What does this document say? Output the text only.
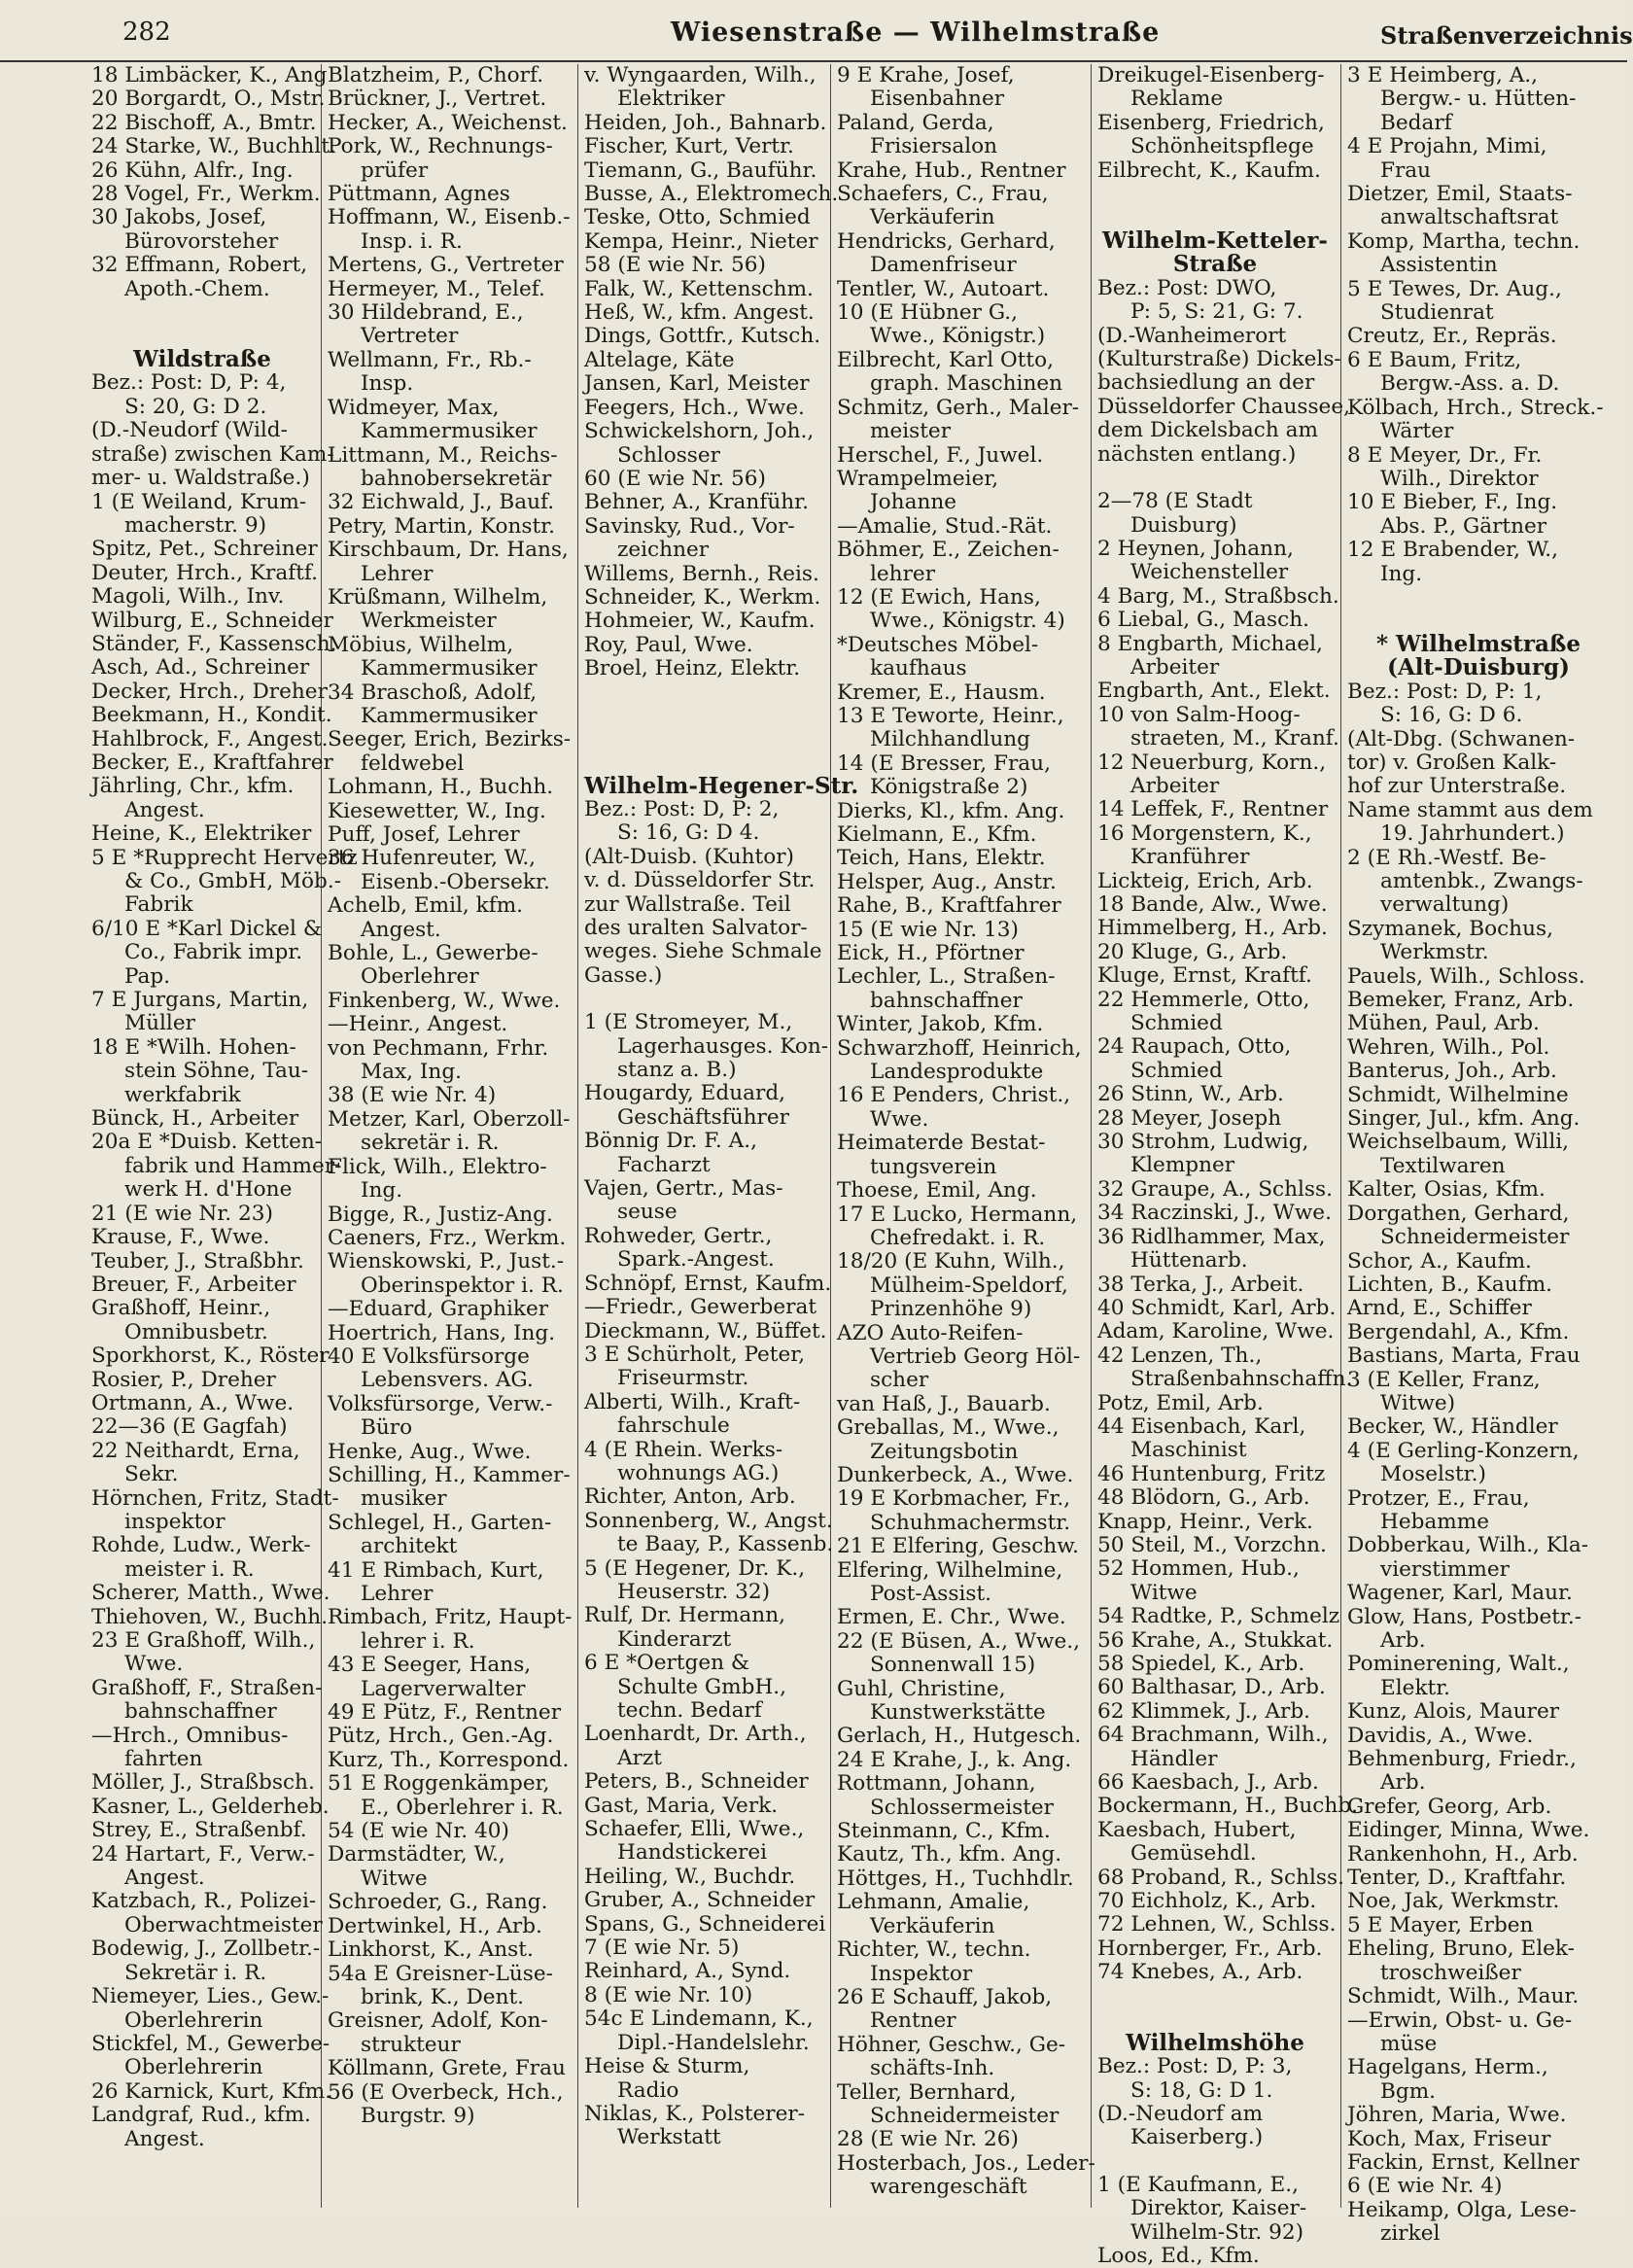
282	Wiesenstraße — Wilhelmstraße	Straßenverzeichnis
18 Limbäcker, K., Ang
20 Borgardt, O., Mstr.
22 Bischoff, A., Bmtr.
24 Starke, W., Buchhlt.
26 Kühn, Alfr., Ing.
28 Vogel, Fr., Werkm.
30 Jakobs, Josef,
Bürovorsteher
32 Effmann, Robert,
Apoth.-Chem.
Wildstraße
Bez.: Post: D, P: 4,
S: 20, G: D 2.
(D.-Neudorf (Wild-
straße) zwischen Kam-
mer- u. Waldstraße.)
1 (E Weiland, Krum-
macherstr. 9)
Spitz, Pet., Schreiner
Deuter, Hrch., Kraftf.
Magoli, Wilh., Inv.
Wilburg, E., Schneider
Ständer, F., Kassensch.
Asch, Ad., Schreiner
Decker, Hrch., Dreher
Beekmann, H., Kondit.
Hahlbrock, F., Angest.
Becker, E., Kraftfahrer
Jährling, Chr., kfm.
Angest.
Heine, K., Elektriker
5 E *Rupprecht Hervertz
& Co., GmbH, Möb.-
Fabrik
6/10 E *Karl Dickel &
Co., Fabrik impr.
Pap.
7 E Jurgans, Martin,
Müller
18 E *Wilh. Hohen-
stein Söhne, Tau-
werkfabrik
Bünck, H., Arbeiter
20a E *Duisb. Ketten-
fabrik und Hammer-
werk H. d'Hone
21 (E wie Nr. 23)
Krause, F., Wwe.
Teuber, J., Straßbhr.
Breuer, F., Arbeiter
Graßhoff, Heinr.,
Omnibusbetr.
Sporkhorst, K., Röster
Rosier, P., Dreher
Ortmann, A., Wwe.
22—36 (E Gagfah)
22 Neithardt, Erna,
Sekr.
Hörnchen, Fritz, Stadt-
inspektor
Rohde, Ludw., Werk-
meister i. R.
Scherer, Matth., Wwe.
Thiehoven, W., Buchh.
23 E Graßhoff, Wilh.,
Wwe.
Graßhoff, F., Straßen-
bahnschaffner
—Hrch., Omnibus-
fahrten
Möller, J., Straßbsch.
Kasner, L., Gelderheb.
Strey, E., Straßenbf.
24 Hartart, F., Verw.-
Angest.
Katzbach, R., Polizei-
Oberwachtmeister
Bodewig, J., Zollbetr.-
Sekretär i. R.
Niemeyer, Lies., Gew.-
Oberlehrerin
Stickfel, M., Gewerbe-
Oberlehrerin
26 Karnick, Kurt, Kfm.
Landgraf, Rud., kfm.
Angest.
Blatzheim, P., Chorf.
Brückner, J., Vertret.
Hecker, A., Weichenst.
Pork, W., Rechnungs-
prüfer
Püttmann, Agnes
Hoffmann, W., Eisenb.-
Insp. i. R.
Mertens, G., Vertreter
Hermeyer, M., Telef.
30 Hildebrand, E.,
Vertreter
Wellmann, Fr., Rb.-
Insp.
Widmeyer, Max,
Kammermusiker
Littmann, M., Reichs-
bahnobersekretär
32 Eichwald, J., Bauf.
Petry, Martin, Konstr.
Kirschbaum, Dr. Hans,
Lehrer
Krüßmann, Wilhelm,
Werkmeister
Möbius, Wilhelm,
Kammermusiker
34 Braschoß, Adolf,
Kammermusiker
Seeger, Erich, Bezirks-
feldwebel
Lohmann, H., Buchh.
Kiesewetter, W., Ing.
Puff, Josef, Lehrer
36 Hufenreuter, W.,
Eisenb.-Obersekr.
Achelb, Emil, kfm.
Angest.
Bohle, L., Gewerbe-
Oberlehrer
Finkenberg, W., Wwe.
—Heinr., Angest.
von Pechmann, Frhr.
Max, Ing.
38 (E wie Nr. 4)
Metzer, Karl, Oberzoll-
sekretär i. R.
Flick, Wilh., Elektro-
Ing.
Bigge, R., Justiz-Ang.
Caeners, Frz., Werkm.
Wienskowski, P., Just.-
Oberinspektor i. R.
—Eduard, Graphiker
Hoertrich, Hans, Ing.
40 E Volksfürsorge
Lebensvers. AG.
Volksfürsorge, Verw.-
Büro
Henke, Aug., Wwe.
Schilling, H., Kammer-
musiker
Schlegel, H., Garten-
architekt
41 E Rimbach, Kurt,
Lehrer
Rimbach, Fritz, Haupt-
lehrer i. R.
43 E Seeger, Hans,
Lagerverwalter
49 E Pütz, F., Rentner
Pütz, Hrch., Gen.-Ag.
Kurz, Th., Korrespond.
51 E Roggenkämper,
E., Oberlehrer i. R.
54 (E wie Nr. 40)
Darmstädter, W.,
Witwe
Schroeder, G., Rang.
Dertwinkel, H., Arb.
Linkhorst, K., Anst.
54a E Greisner-Lüse-
brink, K., Dent.
Greisner, Adolf, Kon-
strukteur
Köllmann, Grete, Frau
56 (E Overbeck, Hch.,
Burgstr. 9)
v. Wyngaarden, Wilh.,
Elektriker
Heiden, Joh., Bahnarb.
Fischer, Kurt, Vertr.
Tiemann, G., Bauführ.
Busse, A., Elektromech.
Teske, Otto, Schmied
Kempa, Heinr., Nieter
58 (E wie Nr. 56)
Falk, W., Kettenschm.
Heß, W., kfm. Angest.
Dings, Gottfr., Kutsch.
Altelage, Käte
Jansen, Karl, Meister
Feegers, Hch., Wwe.
Schwickelshorn, Joh.,
Schlosser
60 (E wie Nr. 56)
Behner, A., Kranführ.
Savinsky, Rud., Vor-
zeichner
Willems, Bernh., Reis.
Schneider, K., Werkm.
Hohmeier, W., Kaufm.
Roy, Paul, Wwe.
Broel, Heinz, Elektr.
Wilhelm-Hegener-Str.
Bez.: Post: D, P: 2,
S: 16, G: D 4.
(Alt-Duisb. (Kuhtor)
v. d. Düsseldorfer Str.
zur Wallstraße. Teil
des uralten Salvator-
weges. Siehe Schmale
Gasse.)
1 (E Stromeyer, M.,
Lagerhausges. Kon-
stanz a. B.)
Hougardy, Eduard,
Geschäftsführer
Bönnig Dr. F. A.,
Facharzt
Vajen, Gertr., Mas-
seuse
Rohweder, Gertr.,
Spark.-Angest.
Schnöpf, Ernst, Kaufm.
—Friedr., Gewerberat
Dieckmann, W., Büffet.
3 E Schürholt, Peter,
Friseurmstr.
Alberti, Wilh., Kraft-
fahrschule
4 (E Rhein. Werks-
wohnungs AG.)
Richter, Anton, Arb.
Sonnenberg, W., Angst.
te Baay, P., Kassenb.
5 (E Hegener, Dr. K.,
Heuserstr. 32)
Rulf, Dr. Hermann,
Kinderarzt
6 E *Oertgen &
Schulte GmbH.,
techn. Bedarf
Loenhardt, Dr. Arth.,
Arzt
Peters, B., Schneider
Gast, Maria, Verk.
Schaefer, Elli, Wwe.,
Handstickerei
Heiling, W., Buchdr.
Gruber, A., Schneider
Spans, G., Schneiderei
7 (E wie Nr. 5)
Reinhard, A., Synd.
8 (E wie Nr. 10)
54c E Lindemann, K.,
Dipl.-Handelslehr.
Heise & Sturm,
Radio
Niklas, K., Polsterer-
Werkstatt
9 E Krahe, Josef,
Eisenbahner
Paland, Gerda,
Frisiersalon
Krahe, Hub., Rentner
Schaefers, C., Frau,
Verkäuferin
Hendricks, Gerhard,
Damenfriseur
Tentler, W., Autoart.
10 (E Hübner G.,
Wwe., Königstr.)
Eilbrecht, Karl Otto,
graph. Maschinen
Schmitz, Gerh., Maler-
meister
Herschel, F., Juwel.
Wrampelmeier,
Johanne
—Amalie, Stud.-Rät.
Böhmer, E., Zeichen-
lehrer
12 (E Ewich, Hans,
Wwe., Königstr. 4)
*Deutsches Möbel-
kaufhaus
Kremer, E., Hausm.
13 E Teworte, Heinr.,
Milchhandlung
14 (E Bresser, Frau,
Königstraße 2)
Dierks, Kl., kfm. Ang.
Kielmann, E., Kfm.
Teich, Hans, Elektr.
Helsper, Aug., Anstr.
Rahe, B., Kraftfahrer
15 (E wie Nr. 13)
Eick, H., Pförtner
Lechler, L., Straßen-
bahnschaffner
Winter, Jakob, Kfm.
Schwarzhoff, Heinrich,
Landesprodukte
16 E Penders, Christ.,
Wwe.
Heimaterde Bestat-
tungsverein
Thoese, Emil, Ang.
17 E Lucko, Hermann,
Chefredakt. i. R.
18/20 (E Kuhn, Wilh.,
Mülheim-Speldorf,
Prinzenhöhe 9)
AZO Auto-Reifen-
Vertrieb Georg Höl-
scher
van Haß, J., Bauarb.
Greballas, M., Wwe.,
Zeitungsbotin
Dunkerbeck, A., Wwe.
19 E Korbmacher, Fr.,
Schuhmachermstr.
21 E Elfering, Geschw.
Elfering, Wilhelmine,
Post-Assist.
Ermen, E. Chr., Wwe.
22 (E Büsen, A., Wwe.,
Sonnenwall 15)
Guhl, Christine,
Kunstwerkstätte
Gerlach, H., Hutgesch.
24 E Krahe, J., k. Ang.
Rottmann, Johann,
Schlossermeister
Steinmann, C., Kfm.
Kautz, Th., kfm. Ang.
Höttges, H., Tuchhdlr.
Lehmann, Amalie,
Verkäuferin
Richter, W., techn.
Inspektor
26 E Schauff, Jakob,
Rentner
Höhner, Geschw., Ge-
schäfts-Inh.
Teller, Bernhard,
Schneidermeister
28 (E wie Nr. 26)
Hosterbach, Jos., Leder-
warengeschäft
Dreikugel-Eisenberg-
Reklame
Eisenberg, Friedrich,
Schönheitspflege
Eilbrecht, K., Kaufm.
Wilhelm-Ketteler-
Straße
Bez.: Post: DWO,
P: 5, S: 21, G: 7.
(D.-Wanheimerort
(Kulturstraße) Dickels-
bachsiedlung an der
Düsseldorfer Chaussee,
dem Dickelsbach am
nächsten entlang.)
2—78 (E Stadt
Duisburg)
2 Heynen, Johann,
Weichensteller
4 Barg, M., Straßbsch.
6 Liebal, G., Masch.
8 Engbarth, Michael,
Arbeiter
Engbarth, Ant., Elekt.
10 von Salm-Hoog-
straeten, M., Kranf.
12 Neuerburg, Korn.,
Arbeiter
14 Leffek, F., Rentner
16 Morgenstern, K.,
Kranführer
Lickteig, Erich, Arb.
18 Bande, Alw., Wwe.
Himmelberg, H., Arb.
20 Kluge, G., Arb.
Kluge, Ernst, Kraftf.
22 Hemmerle, Otto,
Schmied
24 Raupach, Otto,
Schmied
26 Stinn, W., Arb.
28 Meyer, Joseph
30 Strohm, Ludwig,
Klempner
32 Graupe, A., Schlss.
34 Raczinski, J., Wwe.
36 Ridlhammer, Max,
Hüttenarb.
38 Terka, J., Arbeit.
40 Schmidt, Karl, Arb.
Adam, Karoline, Wwe.
42 Lenzen, Th.,
Straßenbahnschaffn.
Potz, Emil, Arb.
44 Eisenbach, Karl,
Maschinist
46 Huntenburg, Fritz
48 Blödorn, G., Arb.
Knapp, Heinr., Verk.
50 Steil, M., Vorzchn.
52 Hommen, Hub.,
Witwe
54 Radtke, P., Schmelz
56 Krahe, A., Stukkat.
58 Spiedel, K., Arb.
60 Balthasar, D., Arb.
62 Klimmek, J., Arb.
64 Brachmann, Wilh.,
Händler
66 Kaesbach, J., Arb.
Bockermann, H., Buchb.
Kaesbach, Hubert,
Gemüsehdl.
68 Proband, R., Schlss.
70 Eichholz, K., Arb.
72 Lehnen, W., Schlss.
Hornberger, Fr., Arb.
74 Knebes, A., Arb.
Wilhelmshöhe
Bez.: Post: D, P: 3,
S: 18, G: D 1.
(D.-Neudorf am
Kaiserberg.)
1 (E Kaufmann, E.,
Direktor, Kaiser-
Wilhelm-Str. 92)
Loos, Ed., Kfm.
3 E Heimberg, A.,
Bergw.- u. Hütten-
Bedarf
4 E Projahn, Mimi,
Frau
Dietzer, Emil, Staats-
anwaltschaftsrat
Komp, Martha, techn.
Assistentin
5 E Tewes, Dr. Aug.,
Studienrat
Creutz, Er., Repräs.
6 E Baum, Fritz,
Bergw.-Ass. a. D.
Kölbach, Hrch., Streck.-
Wärter
8 E Meyer, Dr., Fr.
Wilh., Direktor
10 E Bieber, F., Ing.
Abs. P., Gärtner
12 E Brabender, W.,
Ing.
* Wilhelmstraße
(Alt-Duisburg)
Bez.: Post: D, P: 1,
S: 16, G: D 6.
(Alt-Dbg. (Schwanen-
tor) v. Großen Kalk-
hof zur Unterstraße.
Name stammt aus dem
19. Jahrhundert.)
2 (E Rh.-Westf. Be-
amtenbk., Zwangs-
verwaltung)
Szymanek, Bochus,
Werkmstr.
Pauels, Wilh., Schloss.
Bemeker, Franz, Arb.
Mühen, Paul, Arb.
Wehren, Wilh., Pol.
Banterus, Joh., Arb.
Schmidt, Wilhelmine
Singer, Jul., kfm. Ang.
Weichselbaum, Willi,
Textilwaren
Kalter, Osias, Kfm.
Dorgathen, Gerhard,
Schneidermeister
Schor, A., Kaufm.
Lichten, B., Kaufm.
Arnd, E., Schiffer
Bergendahl, A., Kfm.
Bastians, Marta, Frau
3 (E Keller, Franz,
Witwe)
Becker, W., Händler
4 (E Gerling-Konzern,
Moselstr.)
Protzer, E., Frau,
Hebamme
Dobberkau, Wilh., Kla-
vierstimmer
Wagener, Karl, Maur.
Glow, Hans, Postbetr.-
Arb.
Pominerening, Walt.,
Elektr.
Kunz, Alois, Maurer
Davidis, A., Wwe.
Behmenburg, Friedr.,
Arb.
Grefer, Georg, Arb.
Eidinger, Minna, Wwe.
Rankenhohn, H., Arb.
Tenter, D., Kraftfahr.
Noe, Jak, Werkmstr.
5 E Mayer, Erben
Eheling, Bruno, Elek-
troschweißer
Schmidt, Wilh., Maur.
—Erwin, Obst- u. Ge-
müse
Hagelgans, Herm.,
Bgm.
Jöhren, Maria, Wwe.
Koch, Max, Friseur
Fackin, Ernst, Kellner
6 (E wie Nr. 4)
Heikamp, Olga, Lese-
zirkel
